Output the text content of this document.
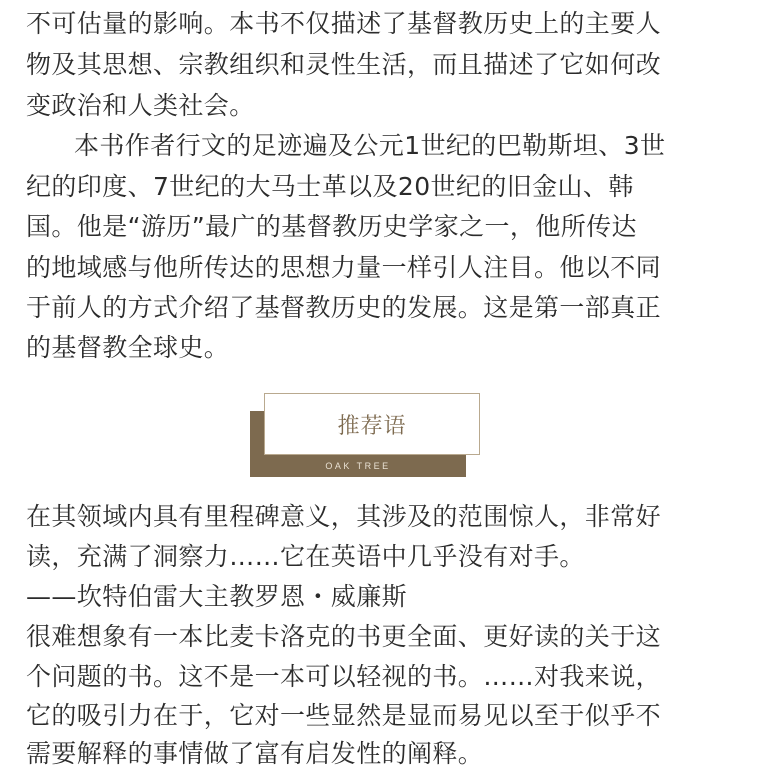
不可估量的影响。本书不仅描述了基督教历史上的主要人
物及其思想、宗教组织和灵性生活，而且描述了它如何改
变政治和人类社会。
本书作者行文的足迹遍及公元1世纪的巴勒斯坦、3世
纪的印度、7世纪的大马士革以及20世纪的旧金山、韩
国。他是“游历”最广的基督教历史学家之一，他所传达
的地域感与他所传达的思想力量一样引人注目。他以不同
于前人的方式介绍了基督教历史的发展。这是第一部真正
的基督教全球史。
推荐语
OAK TREE
在其领域内具有里程碑意义，其涉及的范围惊人，非常好
读，充满了洞察力……它在英语中几乎没有对手。
——坎特伯雷大主教罗恩・威廉斯
很难想象有一本比麦卡洛克的书更全面、更好读的关于这
个问题的书。这不是一本可以轻视的书。……对我来说，
它的吸引力在于，它对一些显然是显而易见以至于似乎不
需要解释的事情做了富有启发性的阐释。
